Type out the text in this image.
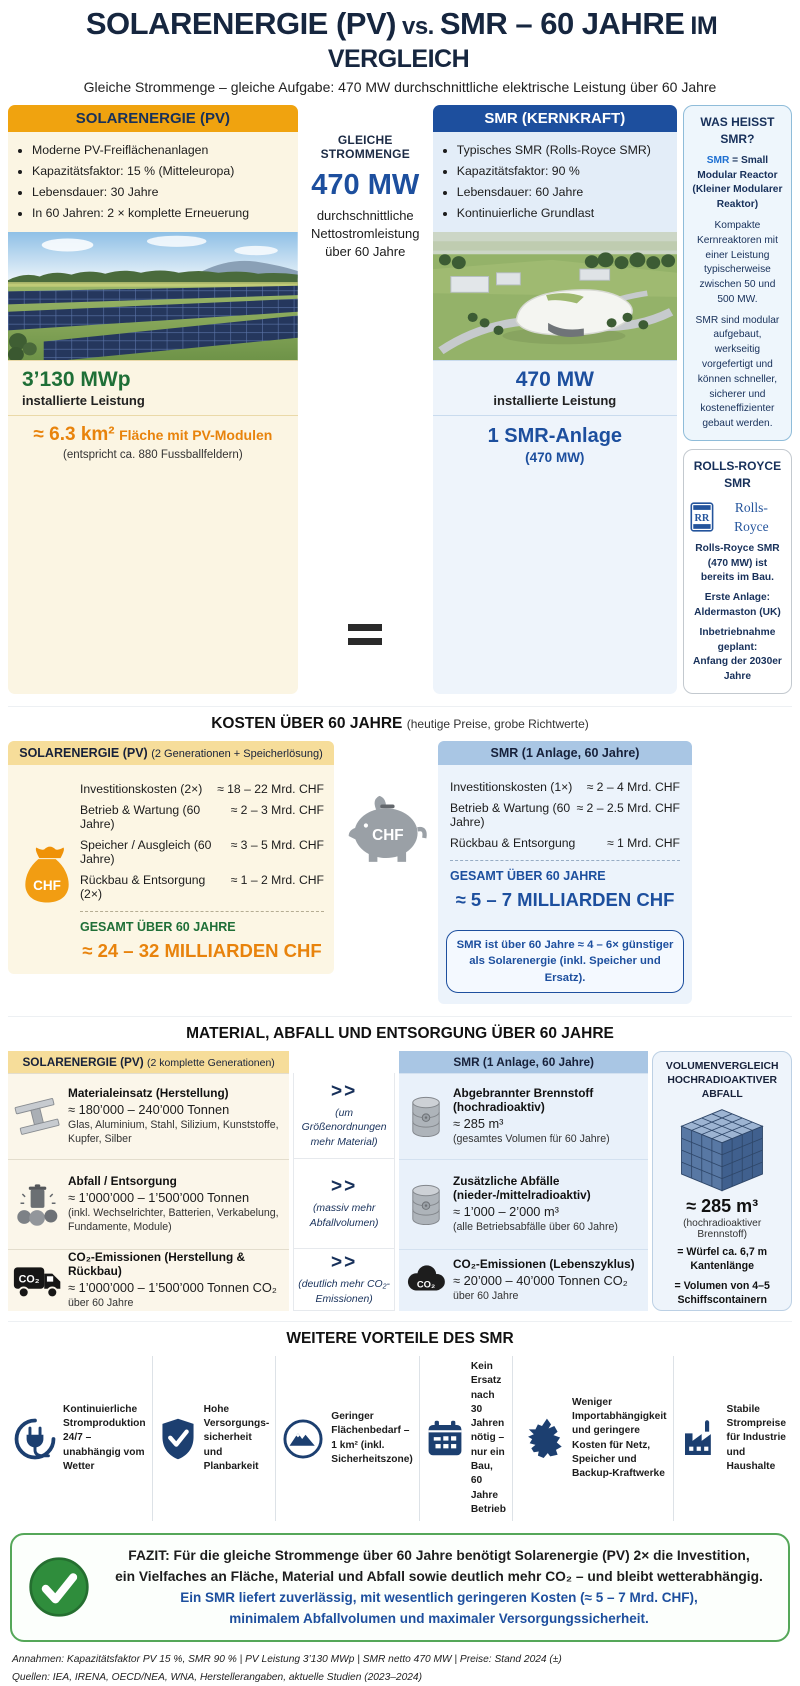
SOLARENERGIE (PV) vs. SMR – 60 JAHRE IM VERGLEICH
Gleiche Strommenge – gleiche Aufgabe: 470 MW durchschnittliche elektrische Leistung über 60 Jahre
SOLARENERGIE (PV)
• Moderne PV-Freiflächenanlagen
• Kapazitätsfaktor: 15 % (Mitteleuropa)
• Lebensdauer: 30 Jahre
• In 60 Jahren: 2 × komplette Erneuerung
3’130 MWp
installierte Leistung
≈ 6.3 km² Fläche mit PV-Modulen
(entspricht ca. 880 Fussballfeldern)
GLEICHE STROMMENGE
470 MW
durchschnittliche
Nettostromleistung
über 60 Jahre
SMR (KERNKRAFT)
• Typisches SMR (Rolls-Royce SMR)
• Kapazitätsfaktor: 90 %
• Lebensdauer: 60 Jahre
• Kontinuierliche Grundlast
470 MW
installierte Leistung
1 SMR-Anlage
(470 MW)
WAS HEISST SMR?
SMR = Small Modular Reactor
(Kleiner Modularer Reaktor)

Kompakte Kernreaktoren mit einer Leistung typischerweise zwischen 50 und 500 MW.

SMR sind modular aufgebaut, werkseitig vorgefertigt und können schneller, sicherer und kosteneffizienter gebaut werden.

ROLLS-ROYCE SMR
RR
Rolls-Royce

Rolls-Royce SMR (470 MW) ist bereits im Bau.

Erste Anlage:
Aldermaston (UK)

Inbetriebnahme geplant:
Anfang der 2030er Jahre

KOSTEN ÜBER 60 JAHRE (heutige Preise, grobe Richtwerte)
SOLARENERGIE (PV) (2 Generationen + Speicherlösung)
CHF
Investitionskosten (2×) ≈ 18 – 22 Mrd. CHF
Betrieb & Wartung (60 Jahre)
≈ 2 – 3 Mrd. CHF
Speicher / Ausgleich (60 Jahre)
≈ 3 – 5 Mrd. CHF
Rückbau & Entsorgung (2×)
≈ 1 – 2 Mrd. CHF
GESAMT ÜBER 60 JAHRE
≈ 24 – 32 MILLIARDEN CHF
CHF
SMR (1 Anlage, 60 Jahre)
Investitionskosten (1×) ≈ 2 – 4 Mrd. CHF
Betrieb & Wartung (60 Jahre)
≈ 2 – 2.5 Mrd. CHF
Rückbau & Entsorgung	≈ 1 Mrd. CHF
GESAMT ÜBER 60 JAHRE
≈ 5 – 7 MILLIARDEN CHF
SMR ist über 60 Jahre ≈ 4 – 6× günstiger
als Solarenergie (inkl. Speicher und Ersatz).
MATERIAL, ABFALL UND ENTSORGUNG ÜBER 60 JAHRE
SOLARENERGIE (PV) (2 komplette Generationen)
Materialeinsatz (Herstellung)
≈ 180’000 – 240’000 Tonnen
Glas, Aluminium, Stahl, Silizium, Kunststoffe, Kupfer, Silber
Abfall / Entsorgung
≈ 1’000’000 – 1’500’000 Tonnen
(inkl. Wechselrichter, Batterien, Verkabelung, Fundamente, Module)
CO₂
CO₂-Emissionen (Herstellung & Rückbau)
≈ 1’000’000 – 1’500’000 Tonnen CO₂
über 60 Jahre
>>
(um Größenordnungen mehr Material)
>>
(massiv mehr Abfallvolumen)
>>
(deutlich mehr CO₂-Emissionen)
SMR (1 Anlage, 60 Jahre)
Abgebrannter Brennstoff (hochradioaktiv)
≈ 285 m³
(gesamtes Volumen für 60 Jahre)
Zusätzliche Abfälle (nieder-/mittelradioaktiv)
≈ 1’000 – 2’000 m³
(alle Betriebsabfälle über 60 Jahre)
CO₂
CO₂-Emissionen (Lebenszyklus)
≈ 20’000 – 40’000 Tonnen CO₂
über 60 Jahre
VOLUMENVERGLEICH
HOCHRADIOAKTIVER ABFALL
≈ 285 m³
(hochradioaktiver Brennstoff)
= Würfel ca. 6,7 m Kantenlänge
= Volumen von 4–5
Schiffscontainern
WEITERE VORTEILE DES SMR
Kontinuierliche Stromproduktion 24/7 – unabhängig vom Wetter
Hohe Versorgungs-sicherheit und Planbarkeit
Geringer Flächenbedarf – 1 km² (inkl. Sicherheitszone)
Kein Ersatz nach 30 Jahren nötig – nur ein Bau, 60 Jahre Betrieb
Weniger Importabhängigkeit und geringere Kosten für Netz, Speicher und Backup-Kraftwerke
Stabile Strompreise für Industrie und Haushalte
FAZIT: Für die gleiche Strommenge über 60 Jahre benötigt Solarenergie (PV) 2× die Investition,
ein Vielfaches an Fläche, Material und Abfall sowie deutlich mehr CO₂ – und bleibt wetterabhängig.
Ein SMR liefert zuverlässig, mit wesentlich geringeren Kosten (≈ 5 – 7 Mrd. CHF),
minimalem Abfallvolumen und maximaler Versorgungssicherheit.
Annahmen: Kapazitätsfaktor PV 15 %, SMR 90 % | PV Leistung 3’130 MWp | SMR netto 470 MW | Preise: Stand 2024 (±)
Quellen: IEA, IRENA, OECD/NEA, WNA, Herstellerangaben, aktuelle Studien (2023–2024)
